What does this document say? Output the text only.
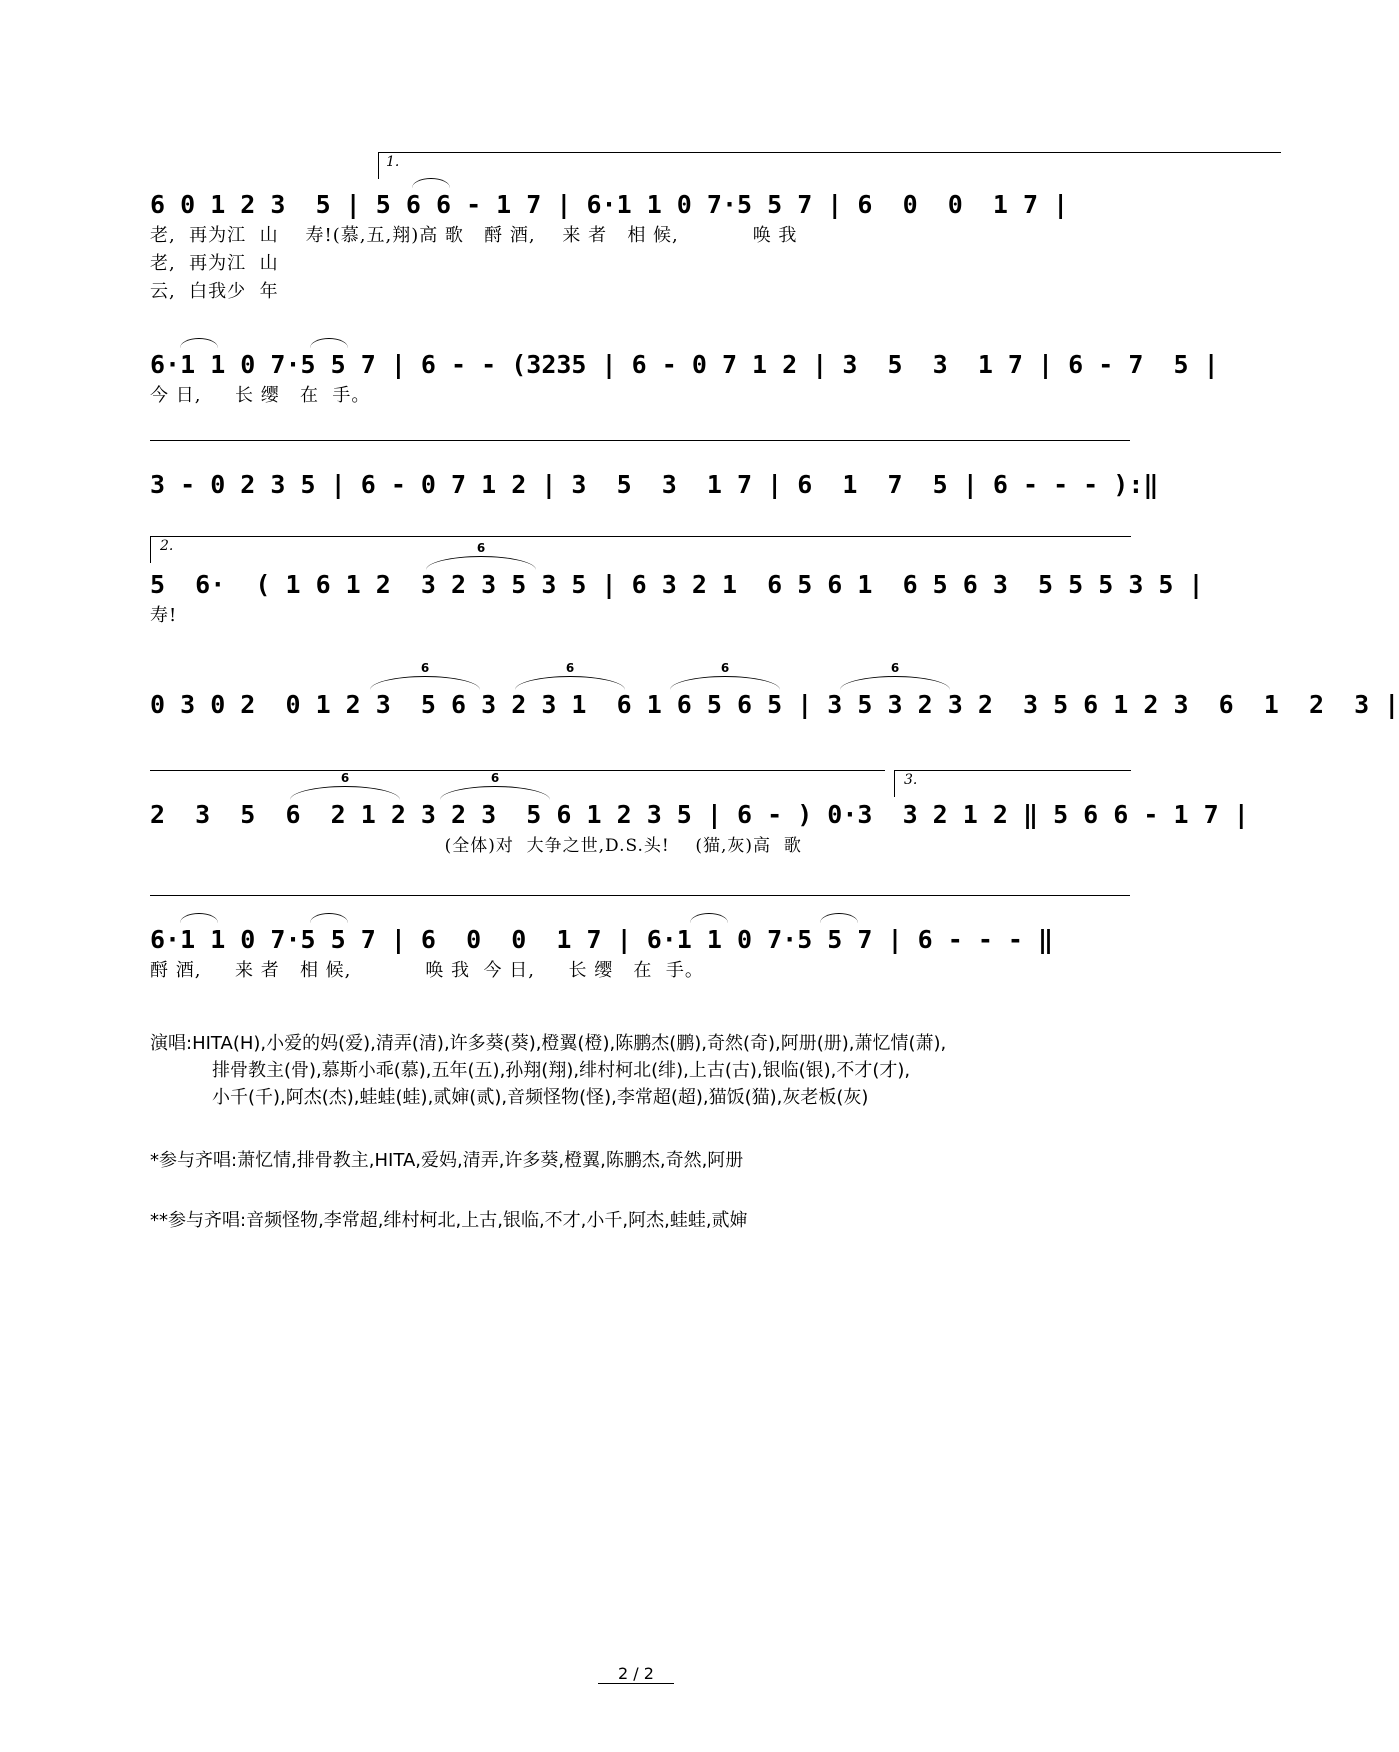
1.
6 0 1 2 3  5 | 5 6 6 - 1 7 | 6·1 1 0 7·5 5 7 | 6  0  0  1 7 |
老,  再为江  山    寿!(慕,五,翔)高 歌   酹 酒,    来 者   相 候,           唤 我
老,  再为江  山
云,  白我少  年
6·1 1 0 7·5 5 7 | 6 - - (3235 | 6 - 0 7 1 2 | 3  5  3  1 7 | 6 - 7  5 |
今 日,     长 缨   在  手。
3 - 0 2 3 5 | 6 - 0 7 1 2 | 3  5  3  1 7 | 6  1  7  5 | 6 - - - ):‖
2.	6
5  6·  ( 1 6 1 2  3 2 3 5 3 5 | 6 3 2 1  6 5 6 1  6 5 6 3  5 5 5 3 5 |
寿!
6	6	6	6
0 3 0 2  0 1 2 3  5 6 3 2 3 1  6 1 6 5 6 5 | 3 5 3 2 3 2  3 5 6 1 2 3  6  1  2  3 |
3.
6	6
2  3  5  6  2 1 2 3 2 3  5 6 1 2 3 5 | 6 - ) 0·3  3 2 1 2 ‖ 5 6 6 - 1 7 |
(全体)对  大争之世,D.S.头!    (猫,灰)高  歌
6·1 1 0 7·5 5 7 | 6  0  0  1 7 | 6·1 1 0 7·5 5 7 | 6 - - - ‖
酹 酒,     来 者   相 候,           唤 我  今 日,     长 缨   在  手。
演唱:HITA(H),小爱的妈(爱),清弄(清),许多葵(葵),橙翼(橙),陈鹏杰(鹏),奇然(奇),阿册(册),萧忆情(萧),
排骨教主(骨),慕斯小乖(慕),五年(五),孙翔(翔),绯村柯北(绯),上古(古),银临(银),不才(才),
小千(千),阿杰(杰),蛙蛙(蛙),贰婶(贰),音频怪物(怪),李常超(超),猫饭(猫),灰老板(灰)
*参与齐唱:萧忆情,排骨教主,HITA,爱妈,清弄,许多葵,橙翼,陈鹏杰,奇然,阿册
**参与齐唱:音频怪物,李常超,绯村柯北,上古,银临,不才,小千,阿杰,蛙蛙,贰婶
2 / 2
